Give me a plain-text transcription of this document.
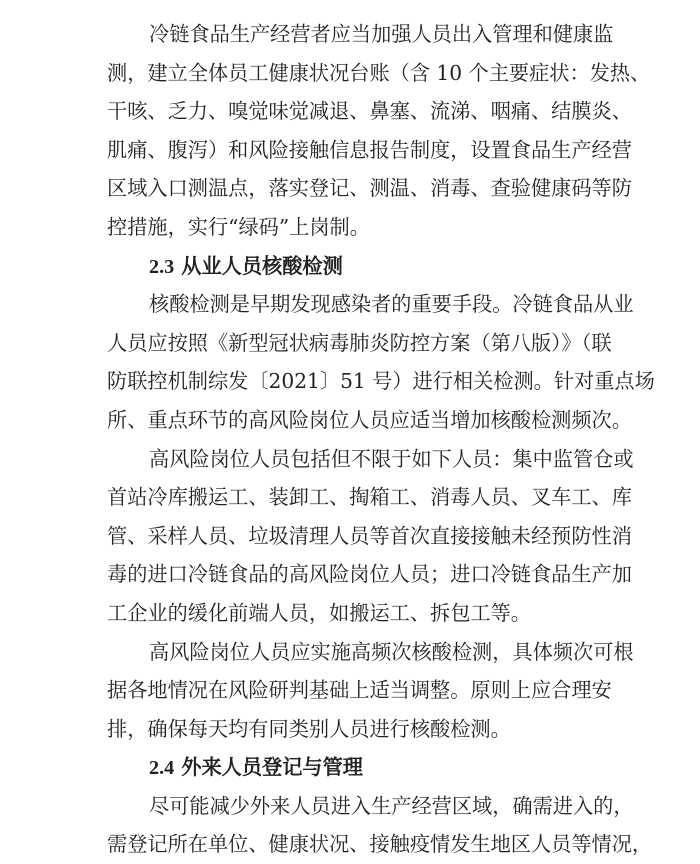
冷链食品生产经营者应当加强人员出入管理和健康监
测，建立全体员工健康状况台账（含 10 个主要症状：发热、
干咳、乏力、嗅觉味觉减退、鼻塞、流涕、咽痛、结膜炎、
肌痛、腹泻）和风险接触信息报告制度，设置食品生产经营
区域入口测温点，落实登记、测温、消毒、查验健康码等防
控措施，实行“绿码”上岗制。
2.3 从业人员核酸检测
核酸检测是早期发现感染者的重要手段。冷链食品从业
人员应按照《新型冠状病毒肺炎防控方案（第八版）》（联
防联控机制综发〔2021〕51 号）进行相关检测。针对重点场
所、重点环节的高风险岗位人员应适当增加核酸检测频次。
高风险岗位人员包括但不限于如下人员：集中监管仓或
首站冷库搬运工、装卸工、掏箱工、消毒人员、叉车工、库
管、采样人员、垃圾清理人员等首次直接接触未经预防性消
毒的进口冷链食品的高风险岗位人员；进口冷链食品生产加
工企业的缓化前端人员，如搬运工、拆包工等。
高风险岗位人员应实施高频次核酸检测，具体频次可根
据各地情况在风险研判基础上适当调整。原则上应合理安
排，确保每天均有同类别人员进行核酸检测。
2.4 外来人员登记与管理
尽可能减少外来人员进入生产经营区域，确需进入的，
需登记所在单位、健康状况、接触疫情发生地区人员等情况，
